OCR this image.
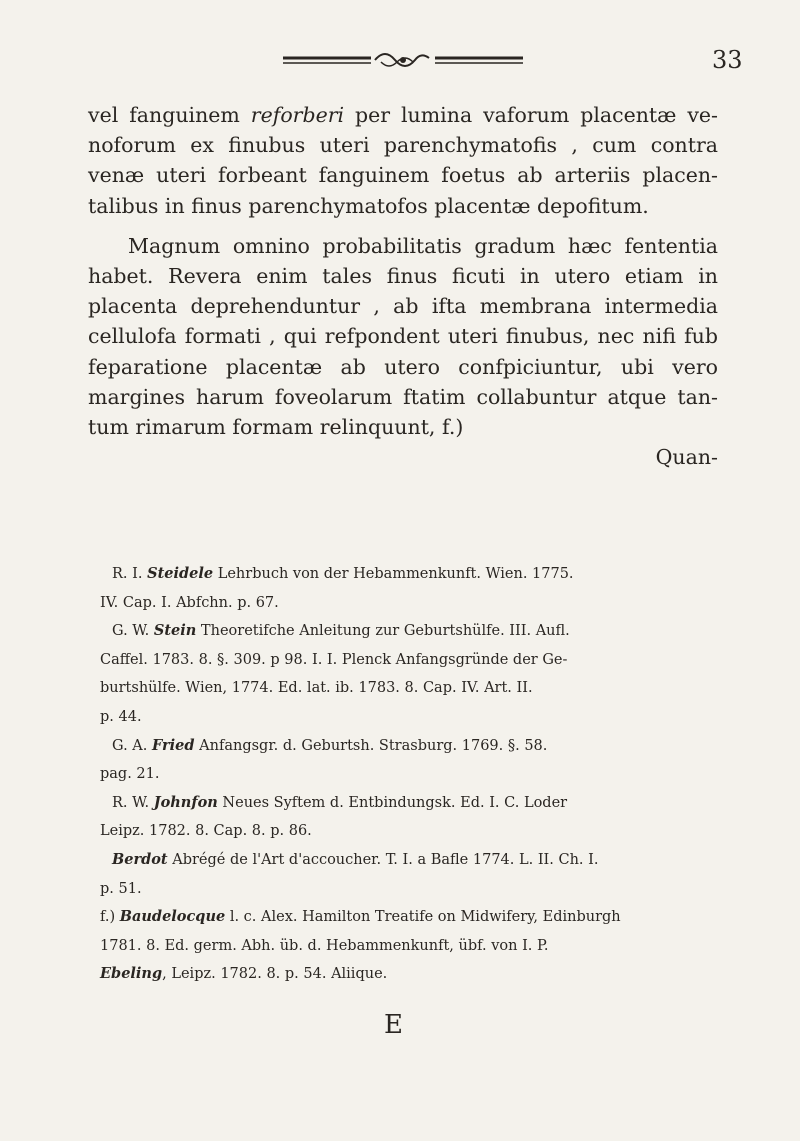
33

vel fanguinem reforberi per lumina vaforum placentæ ve- noforum ex finubus uteri parenchymatofis , cum contra venæ uteri forbeant fanguinem foetus ab arteriis placen- talibus in finus parenchymatofos placentæ depofitum.

Magnum omnino probabilitatis gradum hæc fententia habet. Revera enim tales finus ficuti in utero etiam in placenta deprehenduntur , ab ifta membrana intermedia cellulofa formati , qui refpondent uteri finubus, nec nifi fub feparatione placentæ ab utero confpiciuntur, ubi vero margines harum foveolarum ftatim collabuntur atque tan- tum rimarum formam relinquunt, f.)

Quan-
R. I. Steidele Lehrbuch von der Hebammenkunft. Wien. 1775.
IV. Cap. I. Abfchn. p. 67.
G. W. Stein Theoretifche Anleitung zur Geburtshülfe. III. Aufl.
Caffel. 1783. 8. §. 309. p 98. I. I. Plenck Anfangsgründe der Ge-
burtshülfe. Wien, 1774. Ed. lat. ib. 1783. 8. Cap. IV. Art. II.
p. 44.
G. A. Fried Anfangsgr. d. Geburtsh. Strasburg. 1769. §. 58.
pag. 21.
R. W. Johnfon Neues Syftem d. Entbindungsk. Ed. I. C. Loder
Leipz. 1782. 8. Cap. 8. p. 86.
Berdot Abrégé de l'Art d'accoucher. T. I. a Bafle 1774. L. II. Ch. I.
p. 51.
f.) Baudelocque l. c. Alex. Hamilton Treatife on Midwifery, Edinburgh
1781. 8. Ed. germ. Abh. üb. d. Hebammenkunft, übf. von I. P.
Ebeling, Leipz. 1782. 8. p. 54. Aliique.
E
